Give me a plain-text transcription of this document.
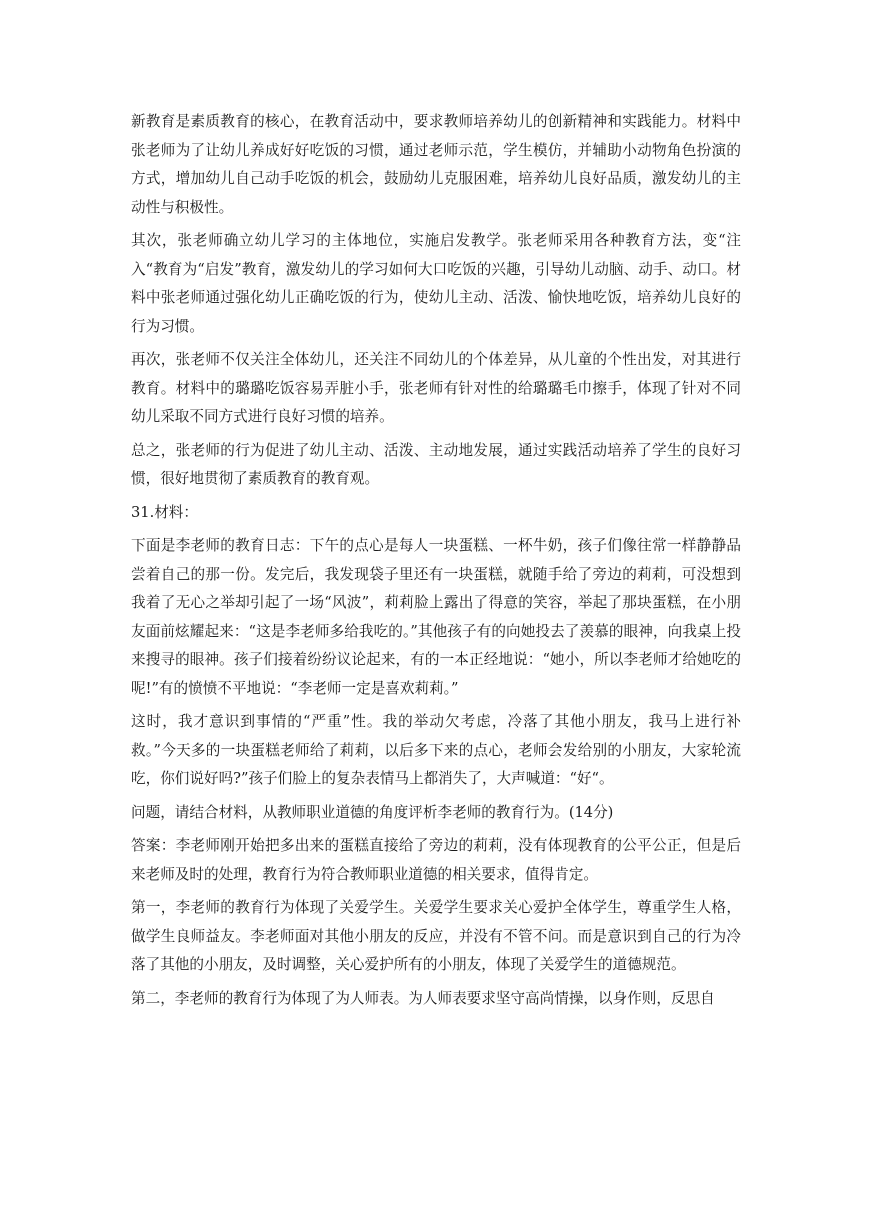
新教育是素质教育的核心，在教育活动中，要求教师培养幼儿的创新精神和实践能力。材料中张老师为了让幼儿养成好好吃饭的习惯，通过老师示范，学生模仿，并辅助小动物角色扮演的方式，增加幼儿自己动手吃饭的机会，鼓励幼儿克服困难，培养幼儿良好品质，激发幼儿的主动性与积极性。

其次，张老师确立幼儿学习的主体地位，实施启发教学。张老师采用各种教育方法，变“注入“教育为“启发”教育，激发幼儿的学习如何大口吃饭的兴趣，引导幼儿动脑、动手、动口。材料中张老师通过强化幼儿正确吃饭的行为，使幼儿主动、活泼、愉快地吃饭，培养幼儿良好的行为习惯。

再次，张老师不仅关注全体幼儿，还关注不同幼儿的个体差异，从儿童的个性出发，对其进行教育。材料中的璐璐吃饭容易弄脏小手，张老师有针对性的给璐璐毛巾擦手，体现了针对不同幼儿采取不同方式进行良好习惯的培养。

总之，张老师的行为促进了幼儿主动、活泼、主动地发展，通过实践活动培养了学生的良好习惯，很好地贯彻了素质教育的教育观。

31.材料：

下面是李老师的教育日志：下午的点心是每人一块蛋糕、一杯牛奶，孩子们像往常一样静静品尝着自己的那一份。发完后，我发现袋子里还有一块蛋糕，就随手给了旁边的莉莉，可没想到我着了无心之举却引起了一场“风波”，莉莉脸上露出了得意的笑容，举起了那块蛋糕，在小朋友面前炫耀起来：“这是李老师多给我吃的。”其他孩子有的向她投去了羡慕的眼神，向我桌上投来搜寻的眼神。孩子们接着纷纷议论起来，有的一本正经地说：“她小，所以李老师才给她吃的呢!”有的愤愤不平地说：“李老师一定是喜欢莉莉。”

这时，我才意识到事情的“严重”性。我的举动欠考虑，冷落了其他小朋友，我马上进行补救。”今天多的一块蛋糕老师给了莉莉，以后多下来的点心，老师会发给别的小朋友，大家轮流吃，你们说好吗?”孩子们脸上的复杂表情马上都消失了，大声喊道：“好“。

问题，请结合材料，从教师职业道德的角度评析李老师的教育行为。(14分)

答案：李老师刚开始把多出来的蛋糕直接给了旁边的莉莉，没有体现教育的公平公正，但是后来老师及时的处理，教育行为符合教师职业道德的相关要求，值得肯定。

第一，李老师的教育行为体现了关爱学生。关爱学生要求关心爱护全体学生，尊重学生人格，做学生良师益友。李老师面对其他小朋友的反应，并没有不管不问。而是意识到自己的行为冷落了其他的小朋友，及时调整，关心爱护所有的小朋友，体现了关爱学生的道德规范。

第二，李老师的教育行为体现了为人师表。为人师表要求坚守高尚情操，以身作则，反思自
